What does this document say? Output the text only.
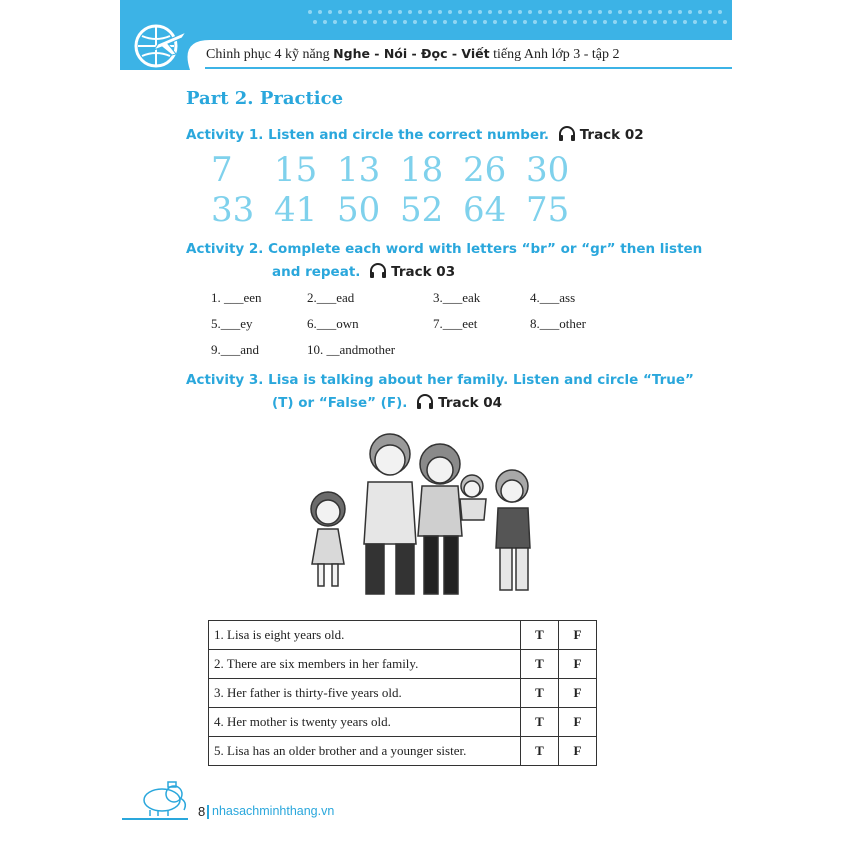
Chinh phục 4 kỹ năng Nghe - Nói - Đọc - Viết tiếng Anh lớp 3 - tập 2
Part 2. Practice
Activity 1. Listen and circle the correct number. Track 02
7 15 13 18 26 30
33 41 50 52 64 75
Activity 2. Complete each word with letters “br” or “gr” then listen
and repeat. Track 03
1. ___een	2.___ead	3.___eak	4.___ass
5.___ey	6.___own	7.___eet	8.___other
9.___and	10. __andmother
Activity 3. Lisa is talking about her family. Listen and circle “True”
(T) or “False” (F). Track 04
1. Lisa is eight years old.	T	F
2. There are six members in her family.	T	F
3. Her father is thirty-five years old.	T	F
4. Her mother is twenty years old.	T	F
5. Lisa has an older brother and a younger sister.	T	F
8 nhasachminhthang.vn
